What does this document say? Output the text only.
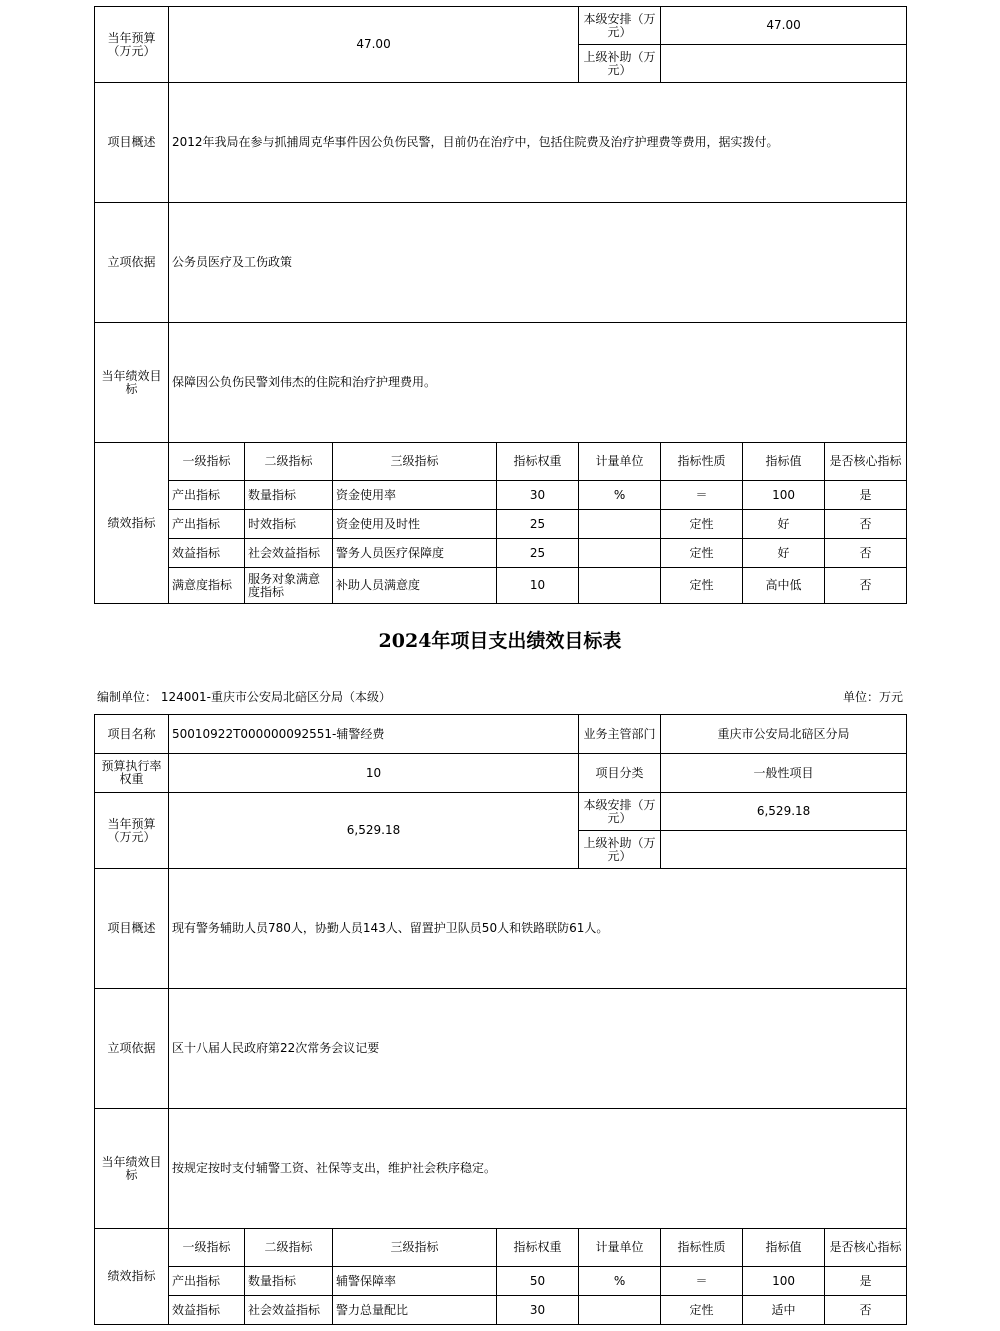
当年预算（万元）	47.00				本级安排（万元）	47.00		
					上级补助（万元）			
项目概述	2012年我局在参与抓捕周克华事件因公负伤民警，目前仍在治疗中，包括住院费及治疗护理费等费用，据实拨付。							
立项依据	公务员医疗及工伤政策							
当年绩效目标	保障因公负伤民警刘伟杰的住院和治疗护理费用。							
绩效指标	一级指标	二级指标	三级指标	指标权重	计量单位	指标性质	指标值	是否核心指标
	产出指标	数量指标	资金使用率	30	%	＝	100	是
	产出指标	时效指标	资金使用及时性	25		定性	好	否
	效益指标	社会效益指标	警务人员医疗保障度	25		定性	好	否
	满意度指标	服务对象满意度指标	补助人员满意度	10		定性	高中低	否
2024年项目支出绩效目标表
编制单位： 124001-重庆市公安局北碚区分局（本级）	单位：万元
项目名称	50010922T000000092551-辅警经费				业务主管部门	重庆市公安局北碚区分局		
预算执行率权重	10				项目分类	一般性项目		
当年预算（万元）	6,529.18				本级安排（万元）	6,529.18		
					上级补助（万元）			
项目概述	现有警务辅助人员780人，协勤人员143人、留置护卫队员50人和铁路联防61人。							
立项依据	区十八届人民政府第22次常务会议记要							
当年绩效目标	按规定按时支付辅警工资、社保等支出，维护社会秩序稳定。							
绩效指标	一级指标	二级指标	三级指标	指标权重	计量单位	指标性质	指标值	是否核心指标
	产出指标	数量指标	辅警保障率	50	%	＝	100	是
	效益指标	社会效益指标	警力总量配比	30		定性	适中	否
